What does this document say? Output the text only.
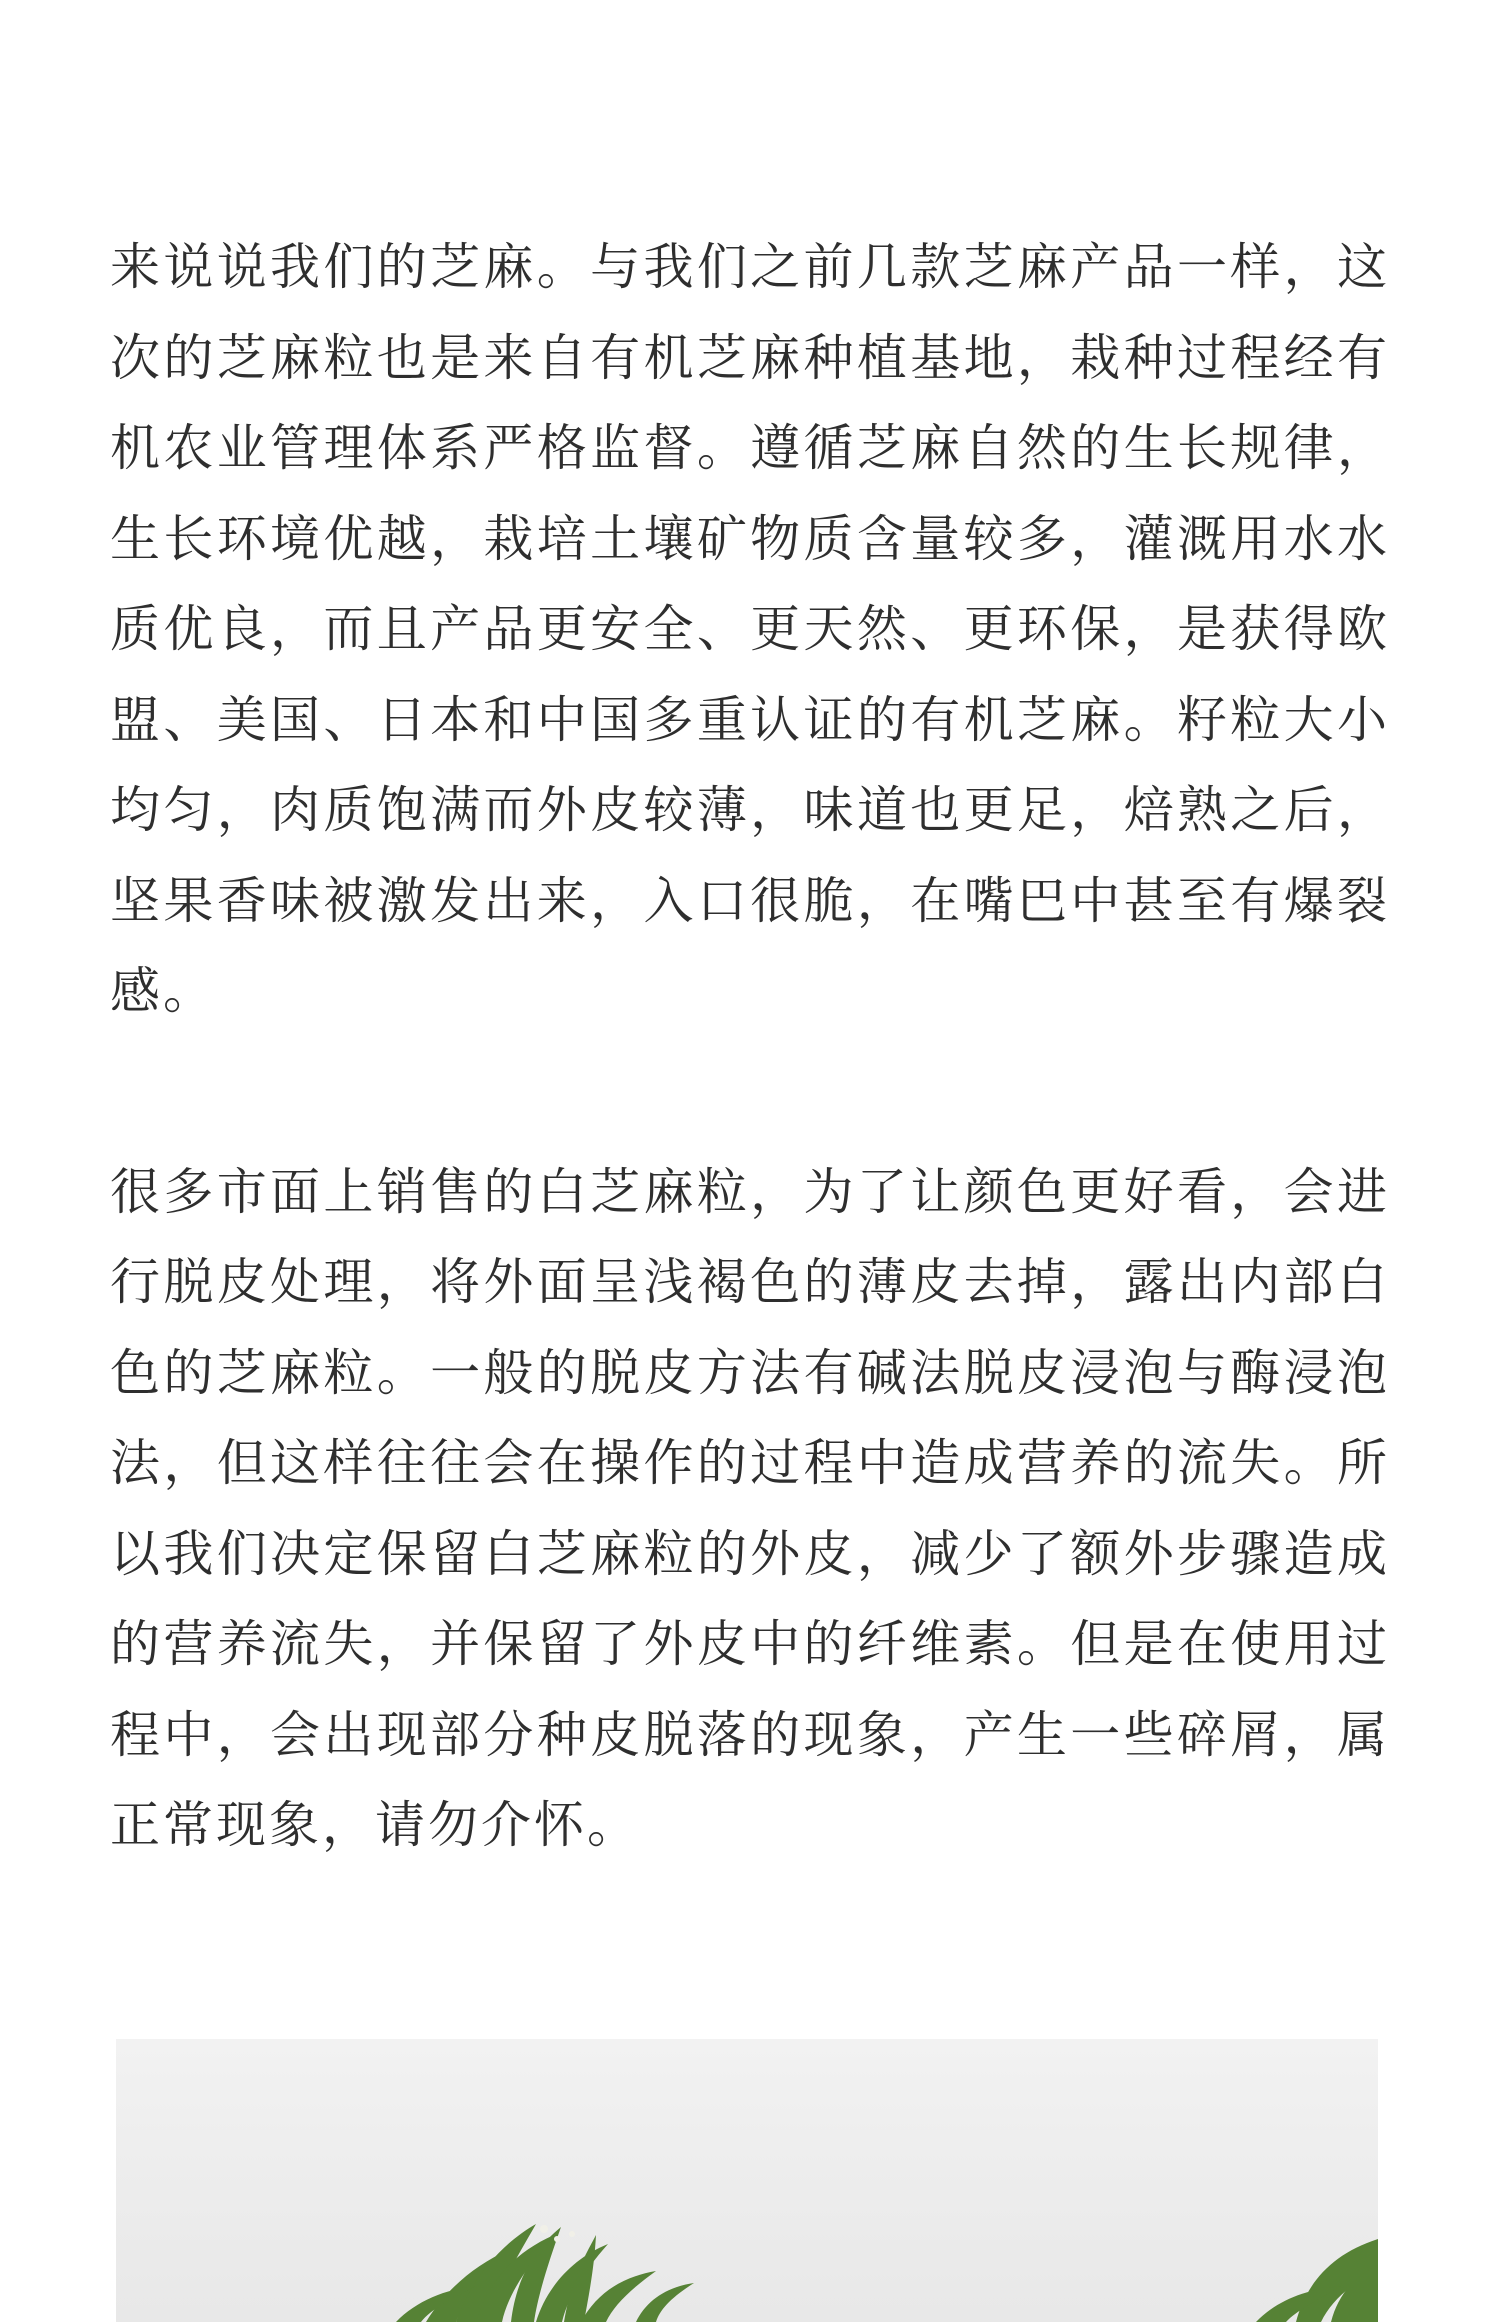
来说说我们的芝麻。与我们之前几款芝麻产品一样，这次的芝麻粒也是来自有机芝麻种植基地，栽种过程经有机农业管理体系严格监督。遵循芝麻自然的生长规律，生长环境优越，栽培土壤矿物质含量较多，灌溉用水水质优良，而且产品更安全、更天然、更环保，是获得欧盟、美国、日本和中国多重认证的有机芝麻。籽粒大小均匀，肉质饱满而外皮较薄，味道也更足，焙熟之后，坚果香味被激发出来，入口很脆，在嘴巴中甚至有爆裂感。

很多市面上销售的白芝麻粒，为了让颜色更好看，会进行脱皮处理，将外面呈浅褐色的薄皮去掉，露出内部白色的芝麻粒。一般的脱皮方法有碱法脱皮浸泡与酶浸泡法，但这样往往会在操作的过程中造成营养的流失。所以我们决定保留白芝麻粒的外皮，减少了额外步骤造成的营养流失，并保留了外皮中的纤维素。但是在使用过程中，会出现部分种皮脱落的现象，产生一些碎屑，属正常现象，请勿介怀。
